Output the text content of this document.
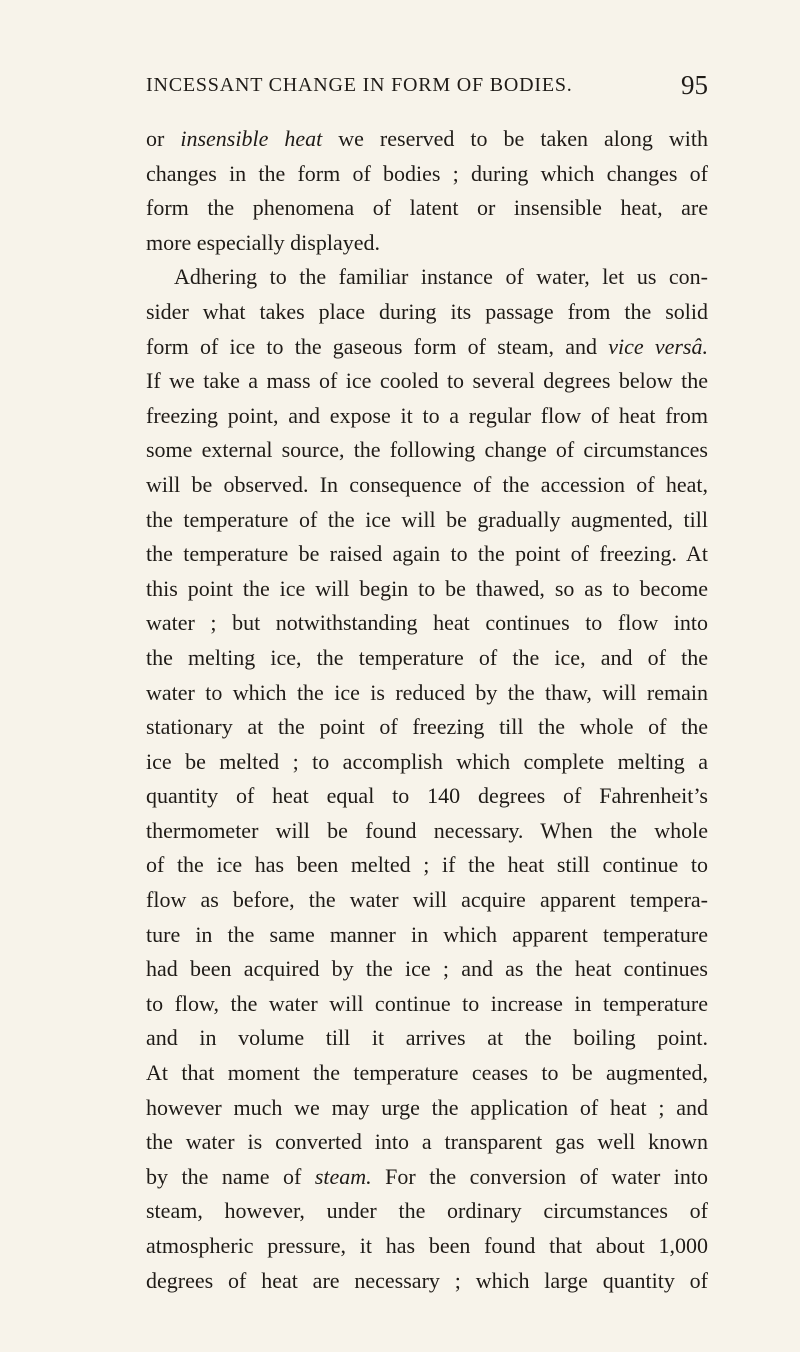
INCESSANT CHANGE IN FORM OF BODIES.	95
or insensible heat we reserved to be taken along with
changes in the form of bodies ; during which changes of
form the phenomena of latent or insensible heat, are
more especially displayed.
Adhering to the familiar instance of water, let us con-
sider what takes place during its passage from the solid
form of ice to the gaseous form of steam, and vice versâ.
If we take a mass of ice cooled to several degrees below the
freezing point, and expose it to a regular flow of heat from
some external source, the following change of circumstances
will be observed. In consequence of the accession of heat,
the temperature of the ice will be gradually augmented, till
the temperature be raised again to the point of freezing. At
this point the ice will begin to be thawed, so as to become
water ; but notwithstanding heat continues to flow into
the melting ice, the temperature of the ice, and of the
water to which the ice is reduced by the thaw, will remain
stationary at the point of freezing till the whole of the
ice be melted ; to accomplish which complete melting a
quantity of heat equal to 140 degrees of Fahrenheit’s
thermometer will be found necessary. When the whole
of the ice has been melted ; if the heat still continue to
flow as before, the water will acquire apparent tempera-
ture in the same manner in which apparent temperature
had been acquired by the ice ; and as the heat continues
to flow, the water will continue to increase in temperature
and in volume till it arrives at the boiling point.
At that moment the temperature ceases to be augmented,
however much we may urge the application of heat ; and
the water is converted into a transparent gas well known
by the name of steam. For the conversion of water into
steam, however, under the ordinary circumstances of
atmospheric pressure, it has been found that about 1,000
degrees of heat are necessary ; which large quantity of
